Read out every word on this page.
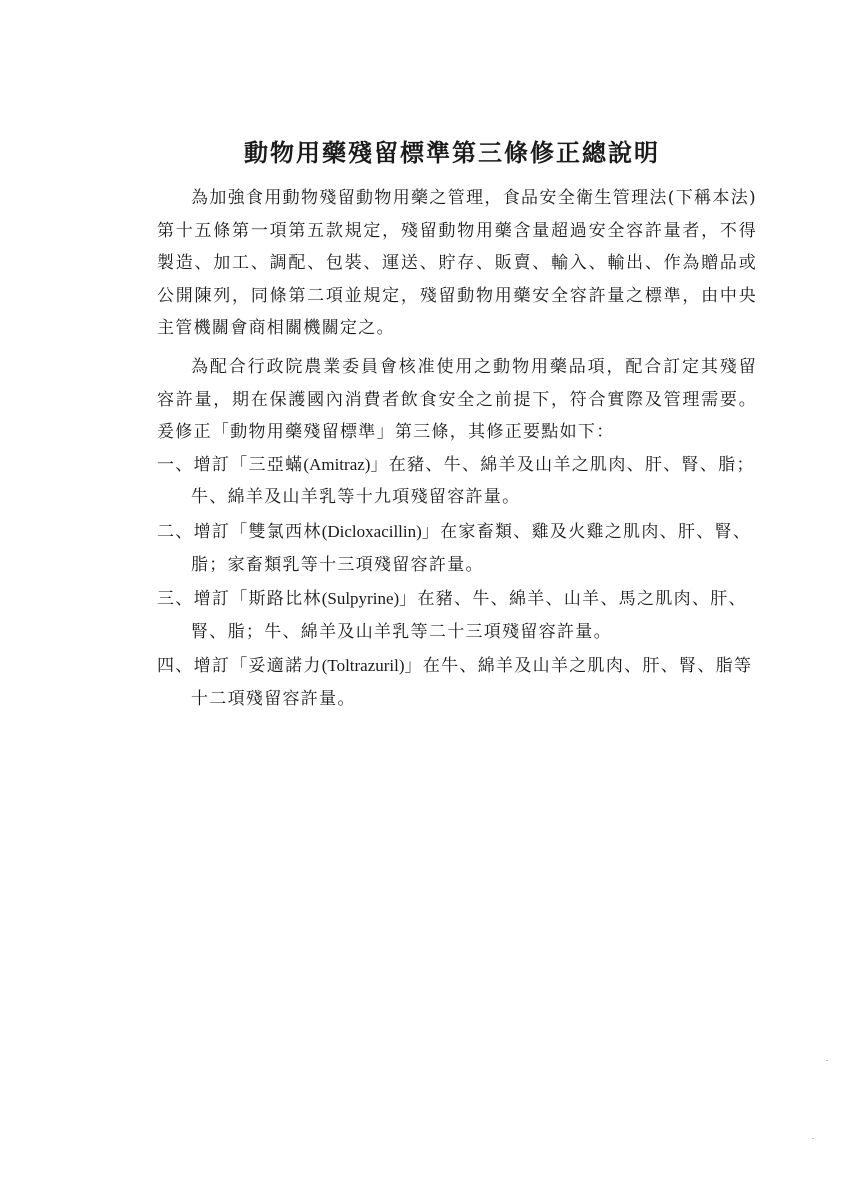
動物用藥殘留標準第三條修正總說明

為加強食用動物殘留動物用藥之管理，食品安全衛生管理法(下稱本法)第十五條第一項第五款規定，殘留動物用藥含量超過安全容許量者，不得製造、加工、調配、包裝、運送、貯存、販賣、輸入、輸出、作為贈品或公開陳列，同條第二項並規定，殘留動物用藥安全容許量之標準，由中央主管機關會商相關機關定之。

為配合行政院農業委員會核准使用之動物用藥品項，配合訂定其殘留容許量，期在保護國內消費者飲食安全之前提下，符合實際及管理需要。爰修正「動物用藥殘留標準」第三條，其修正要點如下：

一、增訂「三亞蟎(Amitraz)」在豬、牛、綿羊及山羊之肌肉、肝、腎、脂；牛、綿羊及山羊乳等十九項殘留容許量。

二、增訂「雙氯西林(Dicloxacillin)」在家畜類、雞及火雞之肌肉、肝、腎、脂；家畜類乳等十三項殘留容許量。

三、增訂「斯路比林(Sulpyrine)」在豬、牛、綿羊、山羊、馬之肌肉、肝、腎、脂；牛、綿羊及山羊乳等二十三項殘留容許量。

四、增訂「妥適諾力(Toltrazuril)」在牛、綿羊及山羊之肌肉、肝、腎、脂等十二項殘留容許量。
